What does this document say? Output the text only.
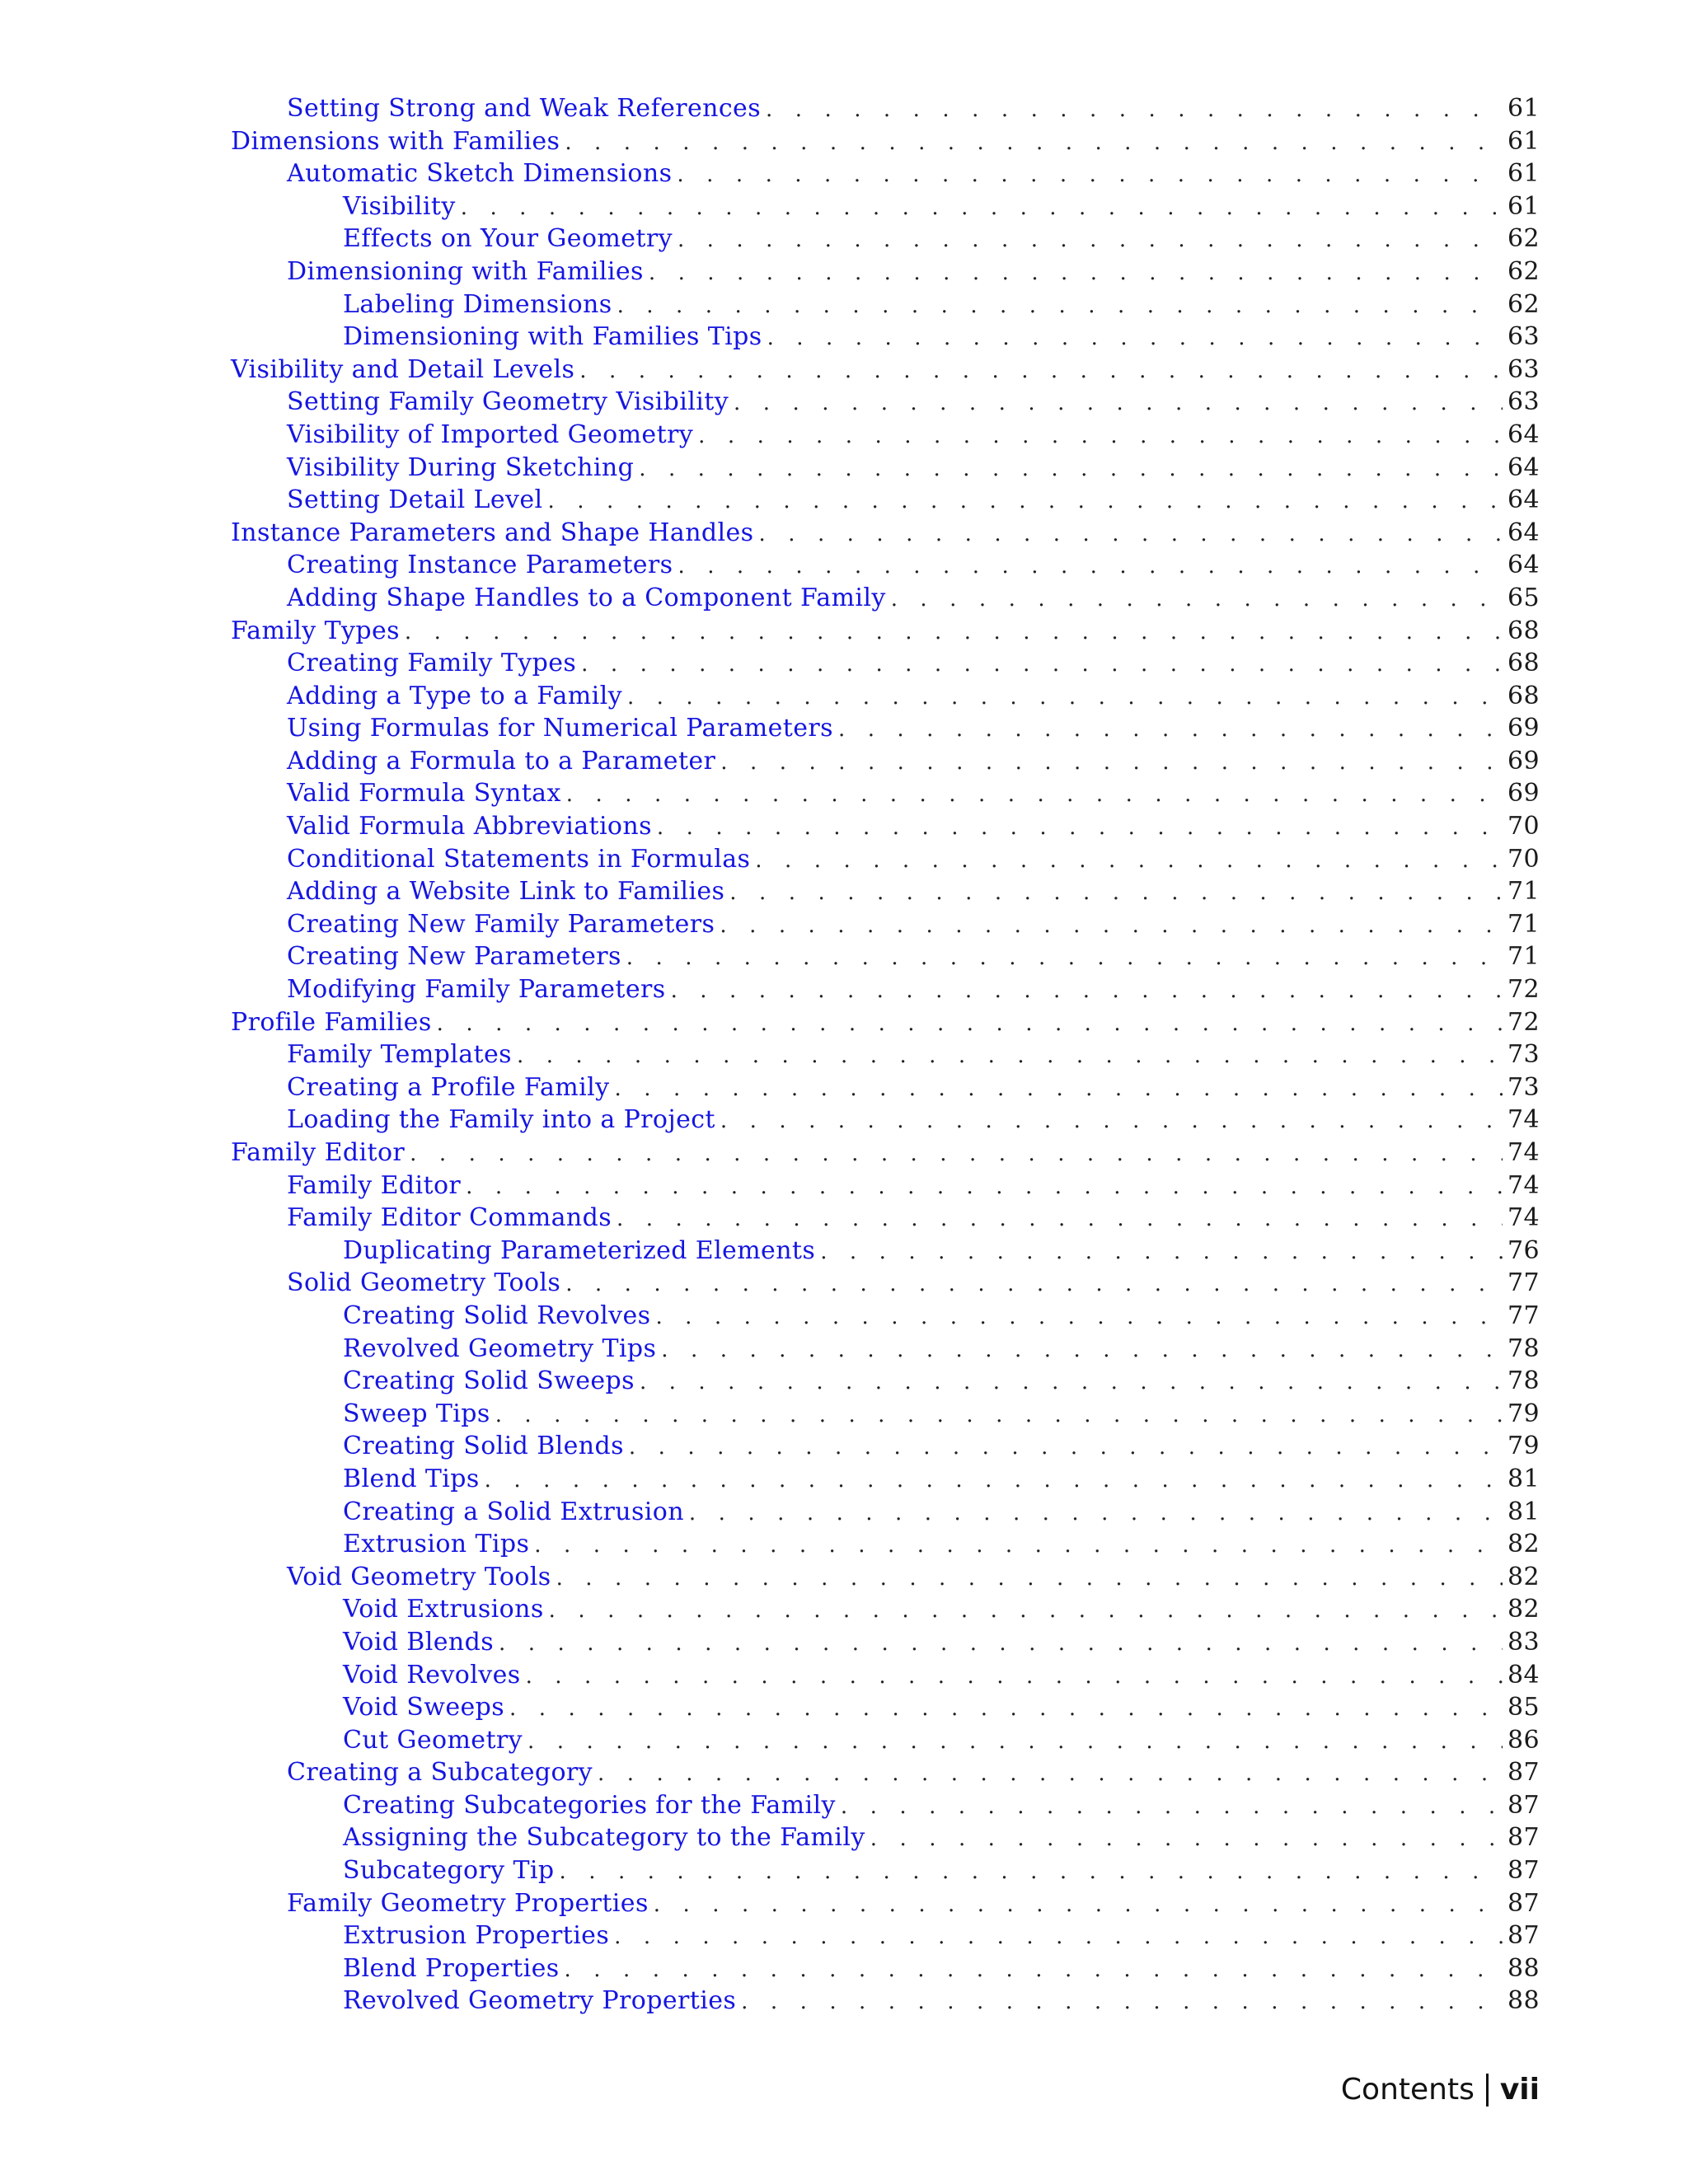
Setting Strong and Weak References . . .	61
Dimensions with Families . . .	61
Automatic Sketch Dimensions . . .	61
Visibility . . .	61
Effects on Your Geometry . . .	62
Dimensioning with Families . . .	62
Labeling Dimensions . . .	62
Dimensioning with Families Tips . . .	63
Visibility and Detail Levels . . .	63
Setting Family Geometry Visibility . . .	63
Visibility of Imported Geometry . . .	64
Visibility During Sketching . . .	64
Setting Detail Level . . .	64
Instance Parameters and Shape Handles . . .	64
Creating Instance Parameters . . .	64
Adding Shape Handles to a Component Family . . .	65
Family Types . . .	68
Creating Family Types . . .	68
Adding a Type to a Family . . .	68
Using Formulas for Numerical Parameters . . .	69
Adding a Formula to a Parameter . . .	69
Valid Formula Syntax . . .	69
Valid Formula Abbreviations . . .	70
Conditional Statements in Formulas . . .	70
Adding a Website Link to Families . . .	71
Creating New Family Parameters . . .	71
Creating New Parameters . . .	71
Modifying Family Parameters . . .	72
Profile Families . . .	72
Family Templates . . .	73
Creating a Profile Family . . .	73
Loading the Family into a Project . . .	74
Family Editor . . .	74
Family Editor . . .	74
Family Editor Commands . . .	74
Duplicating Parameterized Elements . . .	76
Solid Geometry Tools . . .	77
Creating Solid Revolves . . .	77
Revolved Geometry Tips . . .	78
Creating Solid Sweeps . . .	78
Sweep Tips . . .	79
Creating Solid Blends . . .	79
Blend Tips . . .	81
Creating a Solid Extrusion . . .	81
Extrusion Tips . . .	82
Void Geometry Tools . . .	82
Void Extrusions . . .	82
Void Blends . . .	83
Void Revolves . . .	84
Void Sweeps . . .	85
Cut Geometry . . .	86
Creating a Subcategory . . .	87
Creating Subcategories for the Family . . .	87
Assigning the Subcategory to the Family . . .	87
Subcategory Tip . . .	87
Family Geometry Properties . . .	87
Extrusion Properties . . .	87
Blend Properties . . .	88
Revolved Geometry Properties . . .	88
Contents vii
